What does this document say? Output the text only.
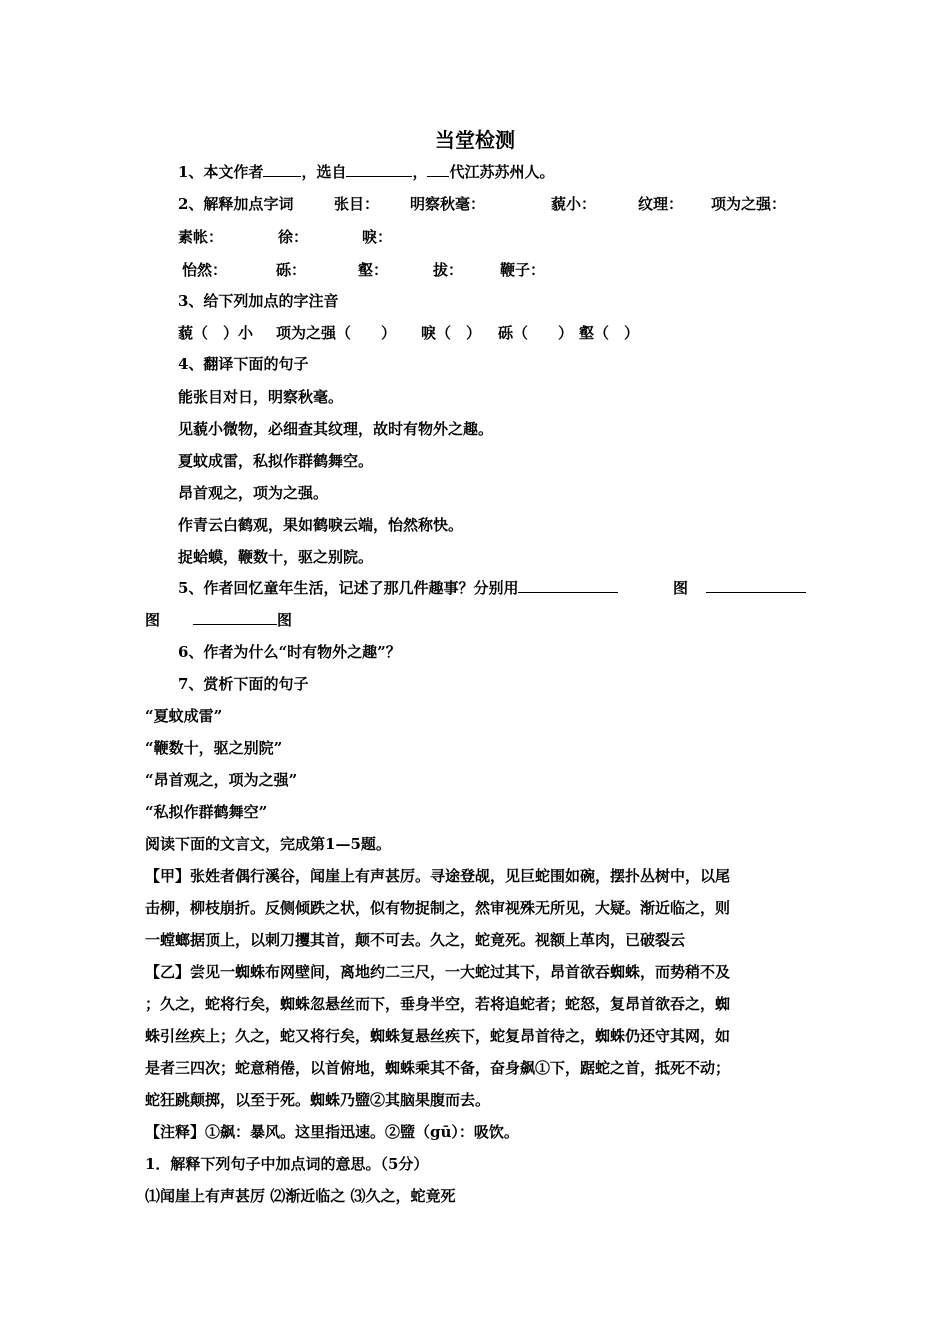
当堂检测
1、本文作者	，选自	， 代江苏苏州人。
2、解释加点字词	张目： 明察秋毫：	藐小：	纹理： 项为之强：
素帐：	徐：	唳：
怡然：	砾：	壑：	拔： 鞭子：
3、给下列加点的字注音
藐（　）小 项为之强（　　） 唳（　） 砾（　　） 壑（　）
4、翻译下面的句子
能张目对日，明察秋毫。
见藐小微物，必细查其纹理，故时有物外之趣。
夏蚊成雷，私拟作群鹤舞空。
昂首观之，项为之强。
作青云白鹤观，果如鹤唳云端，怡然称快。
捉蛤蟆，鞭数十，驱之别院。
5、作者回忆童年生活，记述了那几件趣事？分别用	图
图	图
6、作者为什么“时有物外之趣”？
7、赏析下面的句子
“夏蚊成雷”
“鞭数十，驱之别院”
“昂首观之，项为之强”
“私拟作群鹤舞空”
阅读下面的文言文，完成第1—5题。
【甲】张姓者偶行溪谷，闻崖上有声甚厉。寻途登觇，见巨蛇围如碗，摆扑丛树中，以尾
击柳，柳枝崩折。反侧倾跌之状，似有物捉制之，然审视殊无所见，大疑。渐近临之，则
一螳螂据顶上，以刺刀攫其首，颠不可去。久之，蛇竟死。视额上革肉，已破裂云
【乙】尝见一蜘蛛布网壁间，离地约二三尺，一大蛇过其下，昂首欲吞蜘蛛，而势稍不及
；久之，蛇将行矣，蜘蛛忽悬丝而下，垂身半空，若将追蛇者；蛇怒，复昂首欲吞之，蜘
蛛引丝疾上；久之，蛇又将行矣，蜘蛛复悬丝疾下，蛇复昂首待之，蜘蛛仍还守其网，如
是者三四次；蛇意稍倦，以首俯地，蜘蛛乘其不备，奋身飙①下，踞蛇之首，抵死不动；
蛇狂跳颠掷，以至于死。蜘蛛乃盬②其脑果腹而去。
【注释】①飙：暴风。这里指迅速。②盬（gū）：吸饮。
1．解释下列句子中加点词的意思。（5分）
⑴闻崖上有声甚厉 ⑵渐近临之 ⑶久之，蛇竟死
